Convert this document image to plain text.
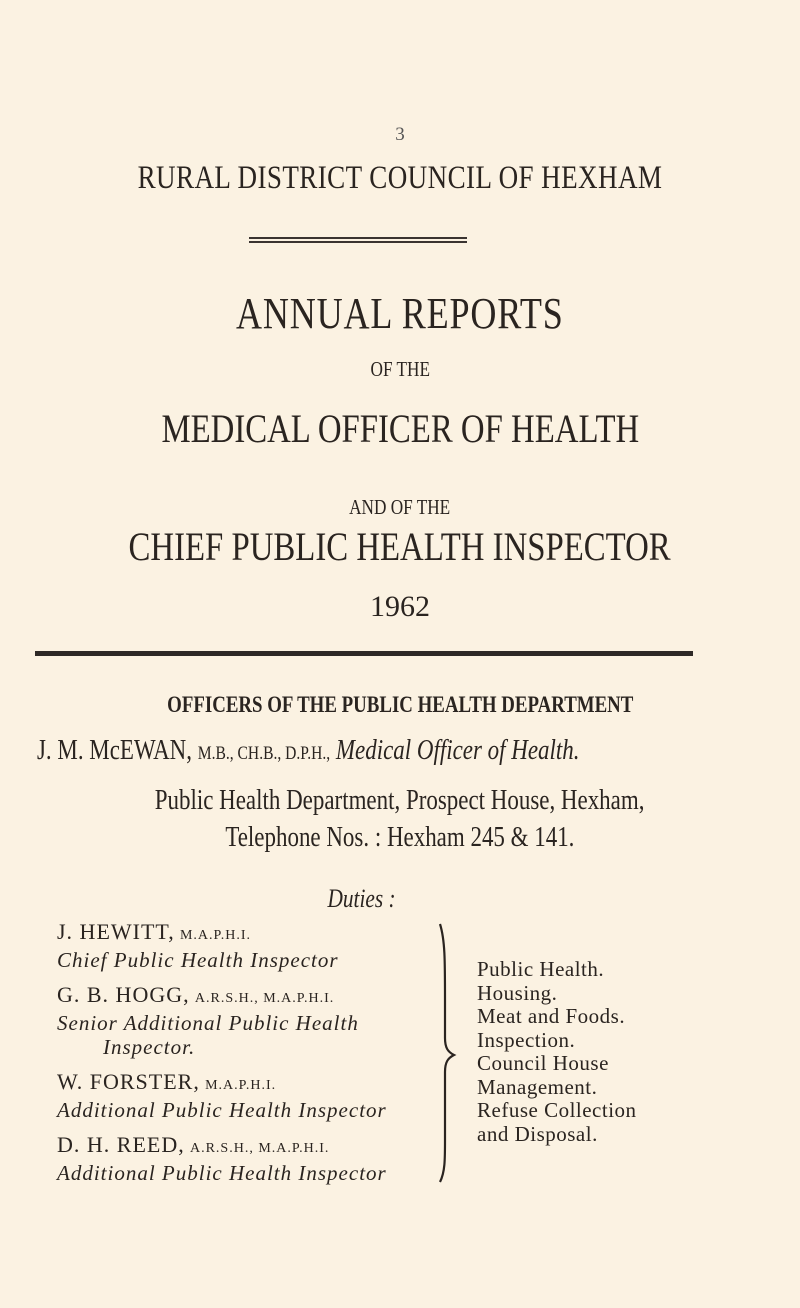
3
RURAL DISTRICT COUNCIL OF HEXHAM
ANNUAL REPORTS
OF THE
MEDICAL OFFICER OF HEALTH
AND OF THE
CHIEF PUBLIC HEALTH INSPECTOR
1962
OFFICERS OF THE PUBLIC HEALTH DEPARTMENT
J. M. McEWAN, M.B., CH.B., D.P.H., Medical Officer of Health.
Public Health Department, Prospect House, Hexham,
Telephone Nos. : Hexham 245 & 141.
Duties :
J. HEWITT, M.A.P.H.I.
Chief Public Health Inspector
G. B. HOGG, A.R.S.H., M.A.P.H.I.
Senior Additional Public Health
Inspector.
W. FORSTER, M.A.P.H.I.
Additional Public Health Inspector
D. H. REED, A.R.S.H., M.A.P.H.I.
Additional Public Health Inspector
Public Health.
Housing.
Meat and Foods.
Inspection.
Council House
Management.
Refuse Collection
and Disposal.
